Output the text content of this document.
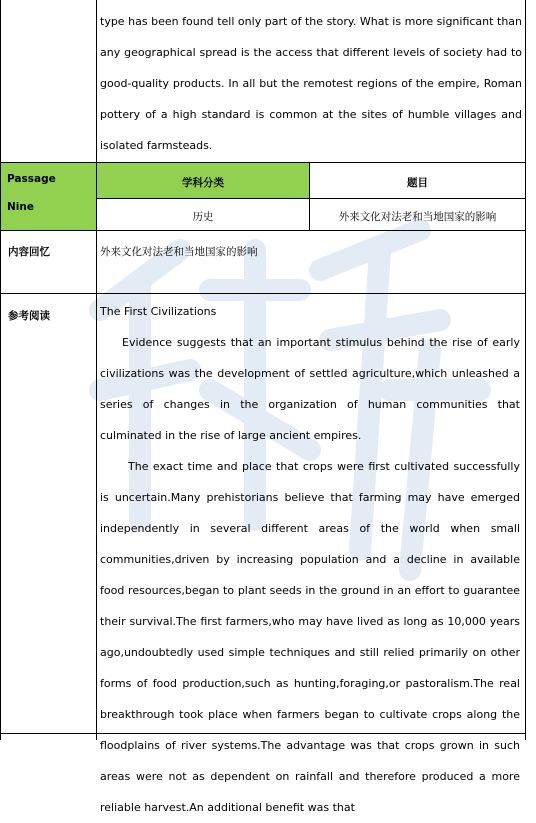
type has been found tell only part of the story. What is more significant than any geographical spread is the access that different levels of society had to good-quality products. In all but the remotest regions of the empire, Roman pottery of a high standard is common at the sites of humble villages and isolated farmsteads.
Passage
Nine
学科分类	题目
历史	外来文化对法老和当地国家的影响
内容回忆	外来文化对法老和当地国家的影响
参考阅读	The First Civilizations
Evidence suggests that an important stimulus behind the rise of early civilizations was the development of settled agriculture,which unleashed a series of changes in the organization of human communities that culminated in the rise of large ancient empires.
The exact time and place that crops were first cultivated successfully is uncertain.Many prehistorians believe that farming may have emerged independently in several different areas of the world when small communities,driven by increasing population and a decline in available food resources,began to plant seeds in the ground in an effort to guarantee their survival.The first farmers,who may have lived as long as 10,000 years ago,undoubtedly used simple techniques and still relied primarily on other forms of food production,such as hunting,foraging,or pastoralism.The real breakthrough took place when farmers began to cultivate crops along the floodplains of river systems.The advantage was that crops grown in such areas were not as dependent on rainfall and therefore produced a more reliable harvest.An additional benefit was that
